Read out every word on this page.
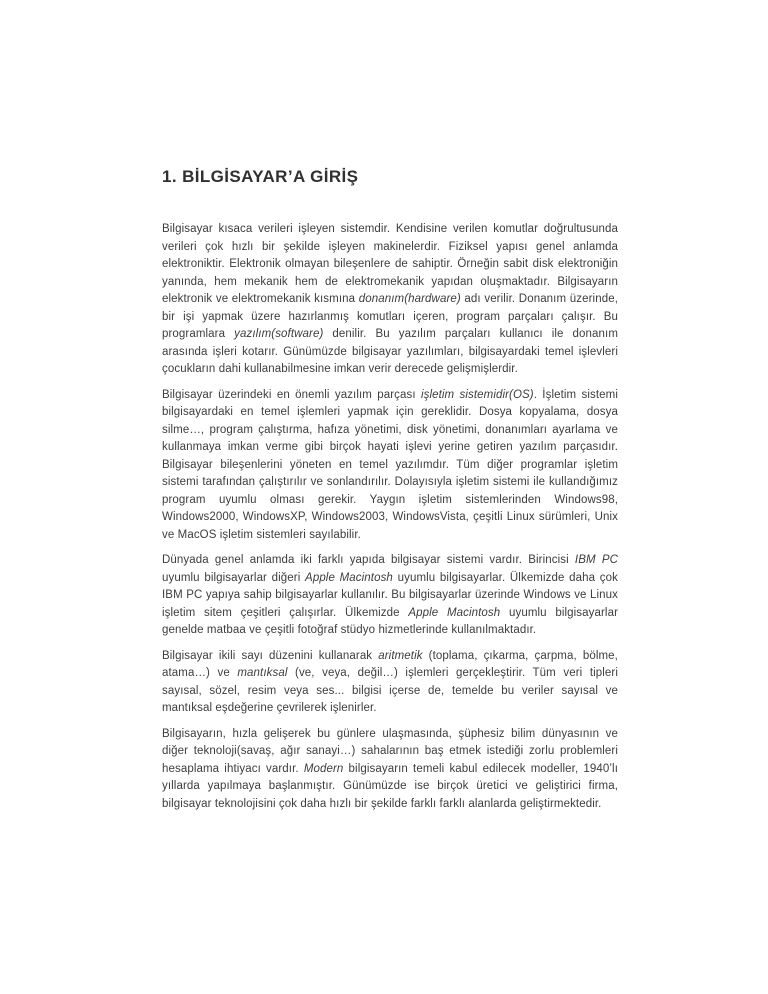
1. BİLGİSAYAR’A GİRİŞ

Bilgisayar kısaca verileri işleyen sistemdir. Kendisine verilen komutlar doğrultusunda verileri çok hızlı bir şekilde işleyen makinelerdir. Fiziksel yapısı genel anlamda elektroniktir. Elektronik olmayan bileşenlere de sahiptir. Örneğin sabit disk elektroniğin yanında, hem mekanik hem de elektromekanik yapıdan oluşmaktadır. Bilgisayarın elektronik ve elektromekanik kısmına donanım(hardware) adı verilir. Donanım üzerinde, bir işi yapmak üzere hazırlanmış komutları içeren, program parçaları çalışır. Bu programlara yazılım(software) denilir. Bu yazılım parçaları kullanıcı ile donanım arasında işleri kotarır. Günümüzde bilgisayar yazılımları, bilgisayardaki temel işlevleri çocukların dahi kullanabilmesine imkan verir derecede gelişmişlerdir.

Bilgisayar üzerindeki en önemli yazılım parçası işletim sistemidir(OS). İşletim sistemi bilgisayardaki en temel işlemleri yapmak için gereklidir. Dosya kopyalama, dosya silme…, program çalıştırma, hafıza yönetimi, disk yönetimi, donanımları ayarlama ve kullanmaya imkan verme gibi birçok hayati işlevi yerine getiren yazılım parçasıdır. Bilgisayar bileşenlerini yöneten en temel yazılımdır. Tüm diğer programlar işletim sistemi tarafından çalıştırılır ve sonlandırılır. Dolayısıyla işletim sistemi ile kullandığımız program uyumlu olması gerekir. Yaygın işletim sistemlerinden Windows98, Windows2000, WindowsXP, Windows2003, WindowsVista, çeşitli Linux sürümleri, Unix ve MacOS işletim sistemleri sayılabilir.

Dünyada genel anlamda iki farklı yapıda bilgisayar sistemi vardır. Birincisi IBM PC uyumlu bilgisayarlar diğeri Apple Macintosh uyumlu bilgisayarlar. Ülkemizde daha çok IBM PC yapıya sahip bilgisayarlar kullanılır. Bu bilgisayarlar üzerinde Windows ve Linux işletim sitem çeşitleri çalışırlar. Ülkemizde Apple Macintosh uyumlu bilgisayarlar genelde matbaa ve çeşitli fotoğraf stüdyo hizmetlerinde kullanılmaktadır.

Bilgisayar ikili sayı düzenini kullanarak aritmetik (toplama, çıkarma, çarpma, bölme, atama…) ve mantıksal (ve, veya, değil…) işlemleri gerçekleştirir. Tüm veri tipleri sayısal, sözel, resim veya ses... bilgisi içerse de, temelde bu veriler sayısal ve mantıksal eşdeğerine çevrilerek işlenirler.

Bilgisayarın, hızla gelişerek bu günlere ulaşmasında, şüphesiz bilim dünyasının ve diğer teknoloji(savaş, ağır sanayi…) sahalarının baş etmek istediği zorlu problemleri hesaplama ihtiyacı vardır. Modern bilgisayarın temeli kabul edilecek modeller, 1940’lı yıllarda yapılmaya başlanmıştır. Günümüzde ise birçok üretici ve geliştirici firma, bilgisayar teknolojisini çok daha hızlı bir şekilde farklı farklı alanlarda geliştirmektedir.
